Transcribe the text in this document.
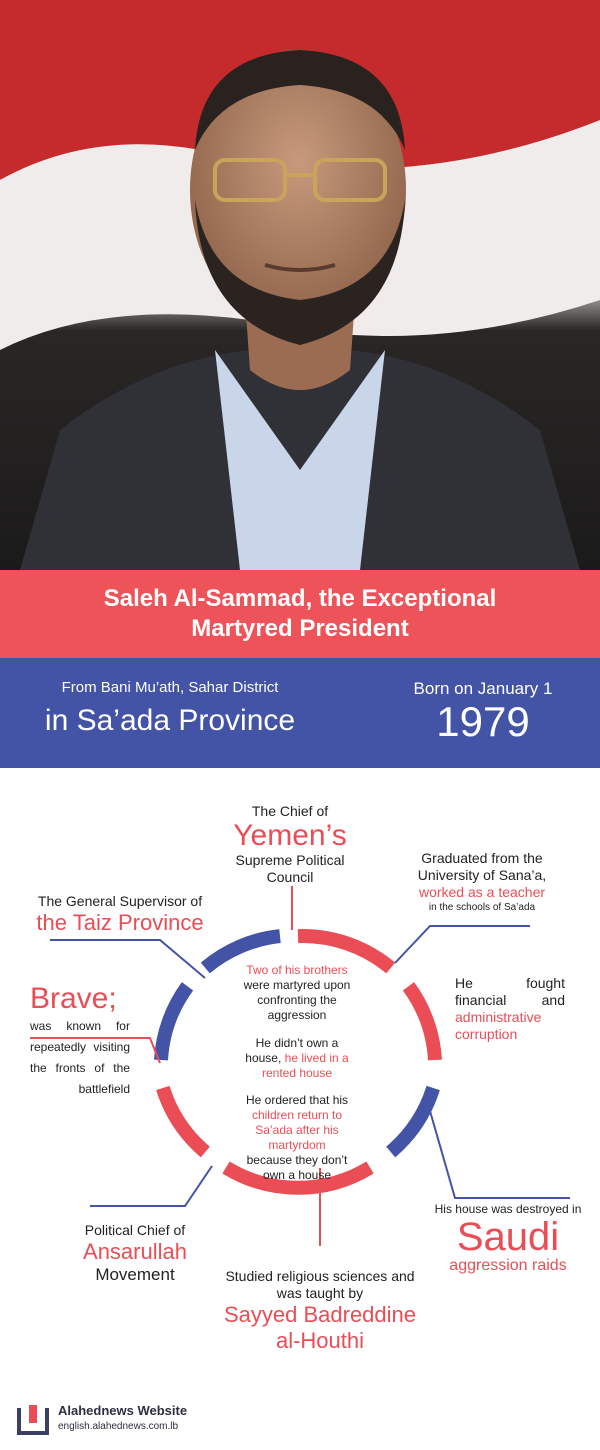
Saleh Al-Sammad, the Exceptional
Martyred President
From Bani Mu’ath, Sahar District
in Sa’ada Province
Born on January 1
1979
The Chief of
Yemen’s
Supreme Political
Council
Graduated from the
University of Sana’a,
worked as a teacher
in the schools of Sa’ada
The General Supervisor of
the Taiz Province
He	fought
financial	and
administrative
corruption
Brave;
was known for
repeatedly visiting
the fronts of the
battlefield
His house was destroyed in
Saudi
aggression raids
Political Chief of
Ansarullah
Movement	Studied religious sciences and
was taught by
Sayyed Badreddine
al-Houthi
Two of his brothers
were martyred upon
confronting the
aggression
He didn’t own a
house, he lived in a
rented house
He ordered that his
children return to
Sa’ada after his
martyrdom
because they don’t
own a house
Alahednews Website
english.alahednews.com.lb
